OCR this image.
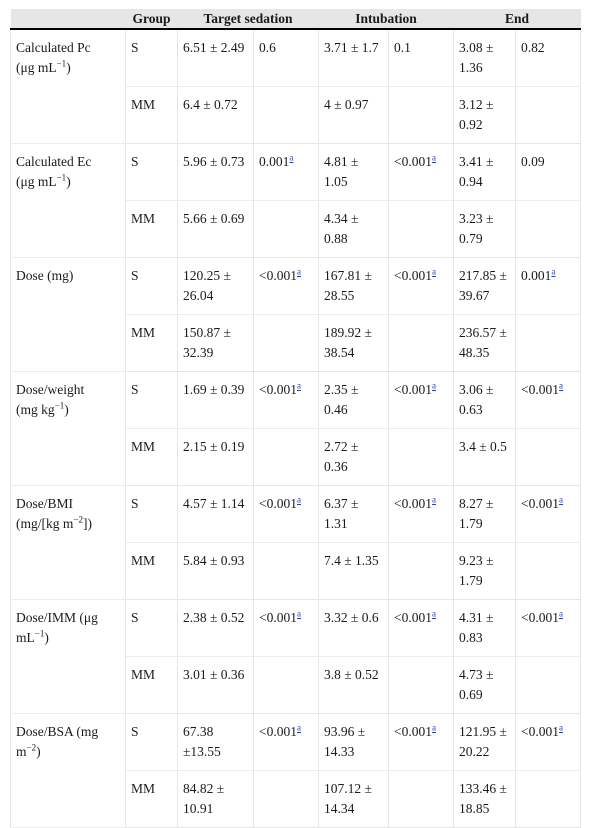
	Group	Target sedation		Intubation		End	
Calculated Pc
(μg $mL^{-1}$)	S	6.51 ± 2.49	0.6	3.71 ± 1.7	0.1	3.08 ± 1.36	0.82
	MM	6.4 ± 0.72		4 ± 0.97		3.12 ± 0.92	
Calculated Ec
(μg $mL^{-1}$)	S	5.96 ± 0.73	0.001$^a$	4.81 ± 1.05	<0.001$^a$	3.41 ± 0.94	0.09
	MM	5.66 ± 0.69		4.34 ± 0.88		3.23 ± 0.79	
Dose (mg)	S	120.25 ± 26.04	<0.001$^a$	167.81 ± 28.55	<0.001$^a$	217.85 ± 39.67	0.001$^a$
	MM	150.87 ± 32.39		189.92 ± 38.54		236.57 ± 48.35	
Dose/weight
(mg $kg^{-1}$)	S	1.69 ± 0.39	<0.001$^a$	2.35 ± 0.46	<0.001$^a$	3.06 ± 0.63	<0.001$^a$
	MM	2.15 ± 0.19		2.72 ± 0.36		3.4 ± 0.5	
Dose/BMI
(mg/[kg $m^{-2}$])	S	4.57 ± 1.14	<0.001$^a$	6.37 ± 1.31	<0.001$^a$	8.27 ± 1.79	<0.001$^a$
	MM	5.84 ± 0.93		7.4 ± 1.35		9.23 ± 1.79	
Dose/IMM (μg
$mL^{-1}$)	S	2.38 ± 0.52	<0.001$^a$	3.32 ± 0.6	<0.001$^a$	4.31 ± 0.83	<0.001$^a$
	MM	3.01 ± 0.36		3.8 ± 0.52		4.73 ± 0.69	
Dose/BSA (mg
$m^{-2}$)	S	67.38 ±13.55	<0.001$^a$	93.96 ± 14.33	<0.001$^a$	121.95 ± 20.22	<0.001$^a$
	MM	84.82 ± 10.91		107.12 ± 14.34		133.46 ± 18.85	
